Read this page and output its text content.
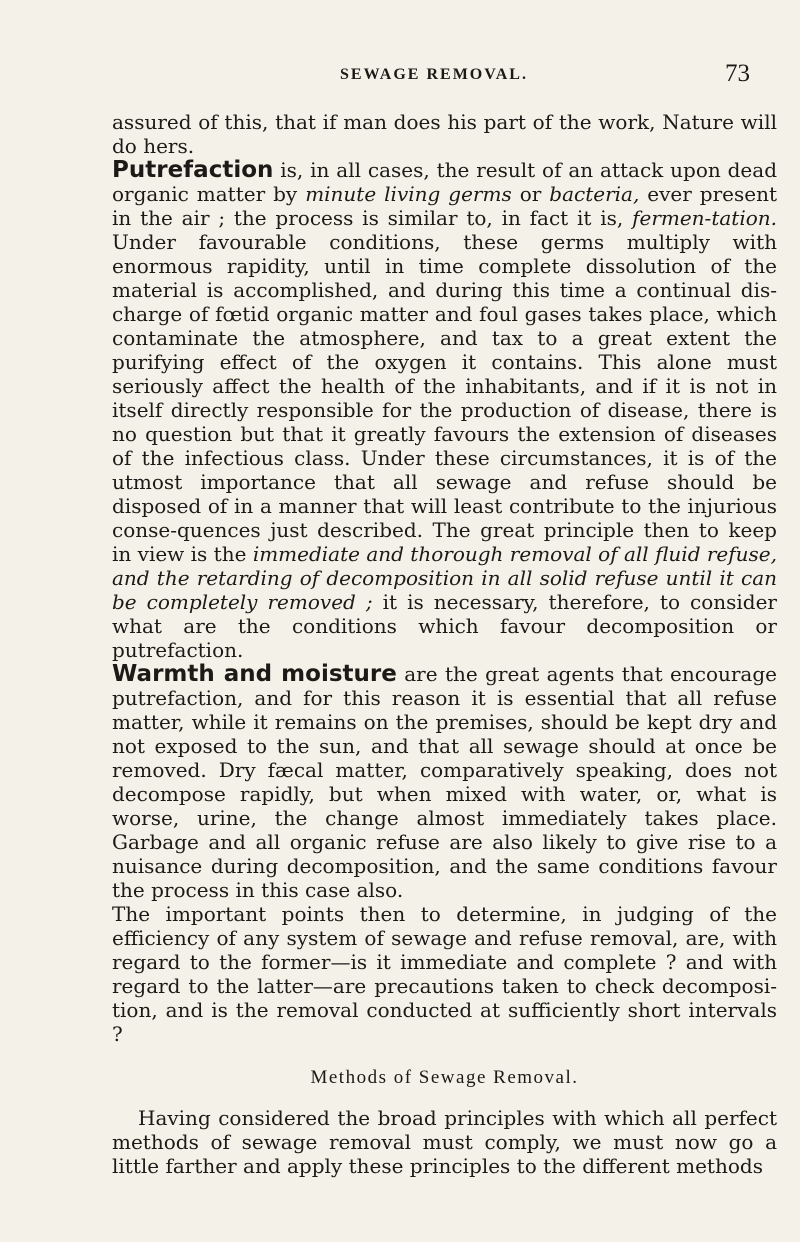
SEWAGE REMOVAL.	73

assured of this, that if man does his part of the work, Nature will do hers.

Putrefaction is, in all cases, the result of an attack upon dead organic matter by minute living germs or bacteria, ever present in the air ; the process is similar to, in fact it is, fermen-tation. Under favourable conditions, these germs multiply with enormous rapidity, until in time complete dissolution of the material is accomplished, and during this time a continual dis-charge of fœtid organic matter and foul gases takes place, which contaminate the atmosphere, and tax to a great extent the purifying effect of the oxygen it contains. This alone must seriously affect the health of the inhabitants, and if it is not in itself directly responsible for the production of disease, there is no question but that it greatly favours the extension of diseases of the infectious class. Under these circumstances, it is of the utmost importance that all sewage and refuse should be disposed of in a manner that will least contribute to the injurious conse-quences just described. The great principle then to keep in view is the immediate and thorough removal of all fluid refuse, and the retarding of decomposition in all solid refuse until it can be completely removed ; it is necessary, therefore, to consider what are the conditions which favour decomposition or putrefaction.

Warmth and moisture are the great agents that encourage putrefaction, and for this reason it is essential that all refuse matter, while it remains on the premises, should be kept dry and not exposed to the sun, and that all sewage should at once be removed. Dry fæcal matter, comparatively speaking, does not decompose rapidly, but when mixed with water, or, what is worse, urine, the change almost immediately takes place. Garbage and all organic refuse are also likely to give rise to a nuisance during decomposition, and the same conditions favour the process in this case also.

The important points then to determine, in judging of the efficiency of any system of sewage and refuse removal, are, with regard to the former—is it immediate and complete ? and with regard to the latter—are precautions taken to check decomposi-tion, and is the removal conducted at sufficiently short intervals ?

Methods of Sewage Removal.

Having considered the broad principles with which all perfect methods of sewage removal must comply, we must now go a little farther and apply these principles to the different methods
